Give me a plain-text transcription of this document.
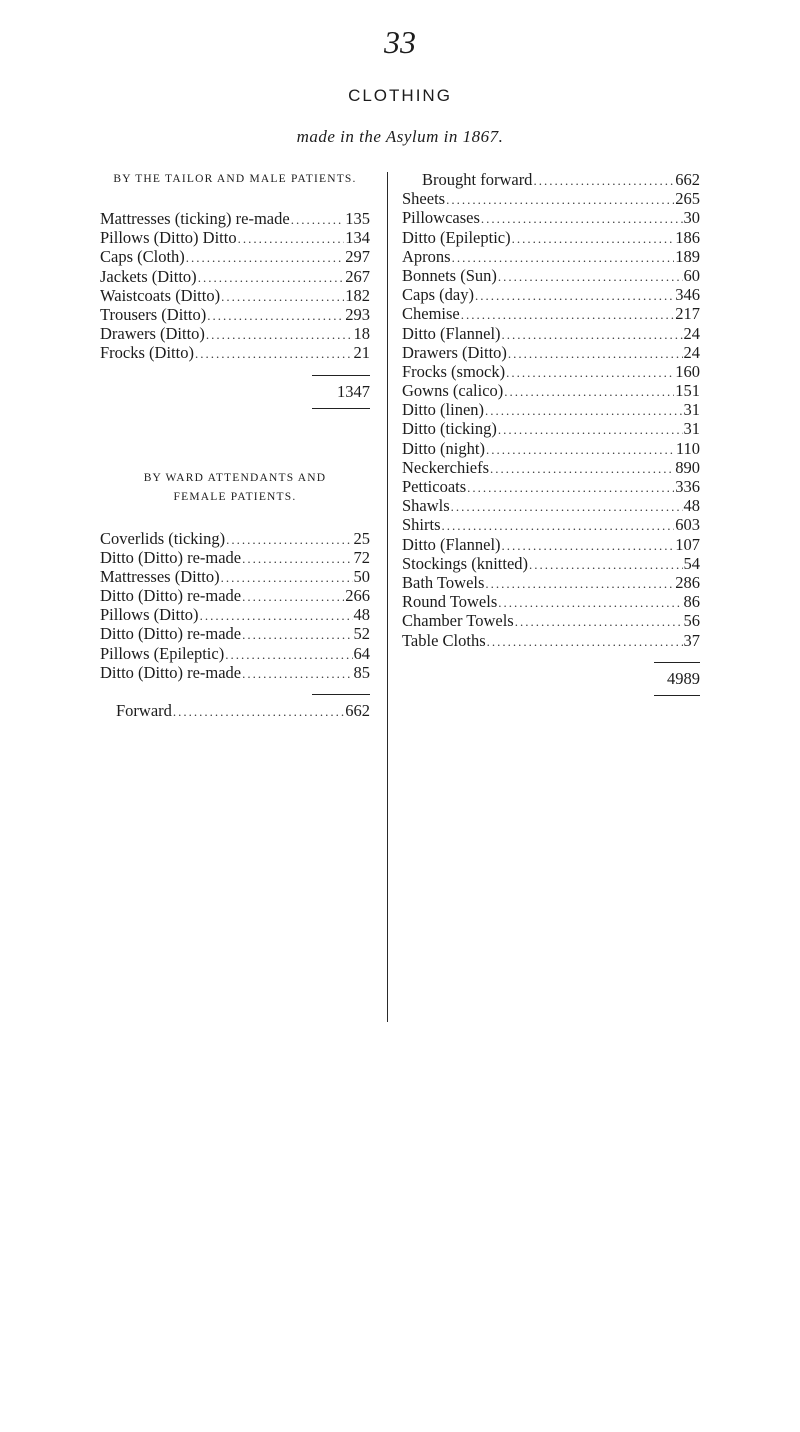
33
CLOTHING
made in the Asylum in 1867.
BY THE TAILOR AND MALE PATIENTS.
Mattresses (ticking) re-made .....	135
Pillows (Ditto) Ditto .....	134
Caps (Cloth) .....	297
Jackets (Ditto) .....	267
Waistcoats (Ditto) .....	182
Trousers (Ditto) .....	293
Drawers (Ditto) .....	18
Frocks (Ditto) .....	21
1347
BY WARD ATTENDANTS AND
FEMALE PATIENTS.
Coverlids (ticking) .....	25
Ditto (Ditto) re-made .....	72
Mattresses (Ditto) .....	50
Ditto (Ditto) re-made .....	266
Pillows (Ditto) .....	48
Ditto (Ditto) re-made .....	52
Pillows (Epileptic) .....	64
Ditto (Ditto) re-made .....	85
Forward .....	662
Brought forward .....	662
Sheets .....	265
Pillowcases .....	30
Ditto (Epileptic) .....	186
Aprons .....	189
Bonnets (Sun) .....	60
Caps (day) .....	346
Chemise .....	217
Ditto (Flannel) .....	24
Drawers (Ditto) .....	24
Frocks (smock) .....	160
Gowns (calico) .....	151
Ditto (linen) .....	31
Ditto (ticking) .....	31
Ditto (night) .....	110
Neckerchiefs .....	890
Petticoats .....	336
Shawls .....	48
Shirts .....	603
Ditto (Flannel) .....	107
Stockings (knitted) .....	54
Bath Towels .....	286
Round Towels .....	86
Chamber Towels .....	56
Table Cloths .....	37
4989
